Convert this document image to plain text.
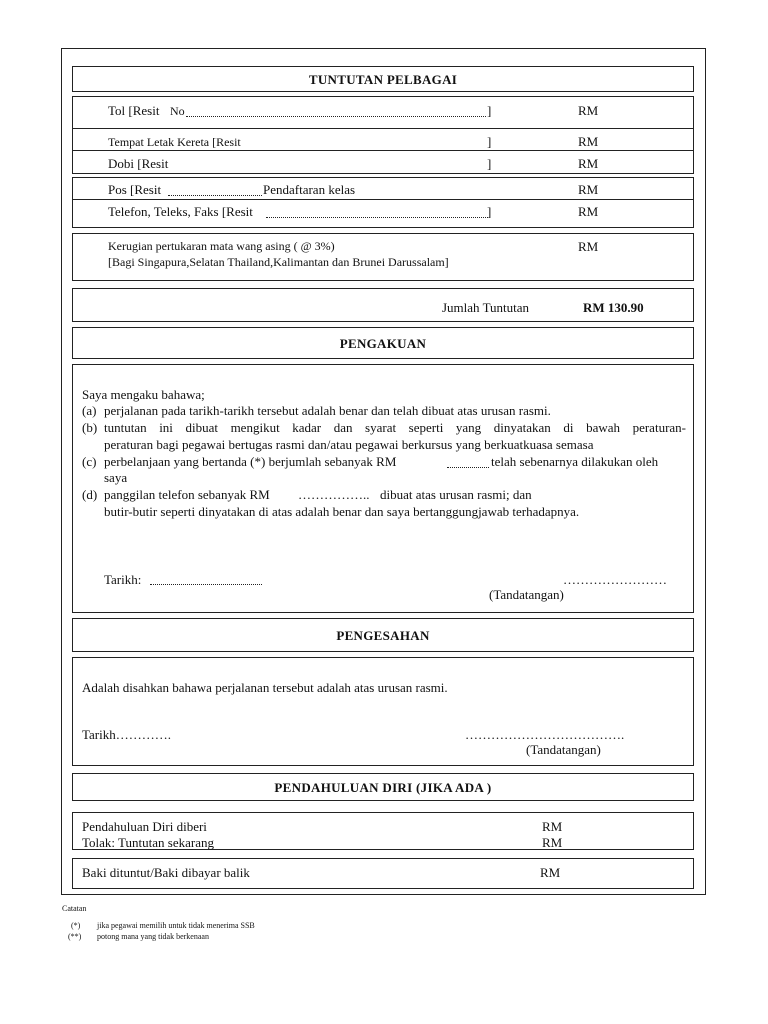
TUNTUTAN PELBAGAI
Tol [Resit No	]	RM
Tempat Letak Kereta [Resit	]	RM
Dobi [Resit	]	RM
Pos [Resit	Pendaftaran kelas	RM
Telefon, Teleks, Faks [Resit	]	RM
Kerugian pertukaran mata wang asing ( @ 3%)	RM
[Bagi Singapura,Selatan Thailand,Kalimantan dan Brunei Darussalam]
Jumlah Tuntutan	RM 130.90
PENGAKUAN
Saya mengaku bahawa;
(a) perjalanan pada tarikh-tarikh tersebut adalah benar dan telah dibuat atas urusan rasmi.
(b) tuntutan ini dibuat mengikut kadar dan syarat seperti yang dinyatakan di bawah peraturan-
peraturan bagi pegawai bertugas rasmi dan/atau pegawai berkursus yang berkuatkuasa semasa
(c) perbelanjaan yang bertanda (*) berjumlah sebanyak RM	telah sebenarnya dilakukan oleh
saya
(d) panggilan telefon sebanyak RM …………….. dibuat atas urusan rasmi; dan
butir-butir seperti dinyatakan di atas adalah benar dan saya bertanggungjawab terhadapnya.
Tarikh:	……………………
(Tandatangan)
PENGESAHAN
Adalah disahkan bahawa perjalanan tersebut adalah atas urusan rasmi.
Tarikh………….	……………………………….
(Tandatangan)
PENDAHULUAN DIRI (JIKA ADA )
Pendahuluan Diri diberi	RM
Tolak: Tuntutan sekarang	RM
Baki dituntut/Baki dibayar balik	RM
Catatan
(*) jika pegawai memilih untuk tidak menerima SSB
(**) potong mana yang tidak berkenaan
